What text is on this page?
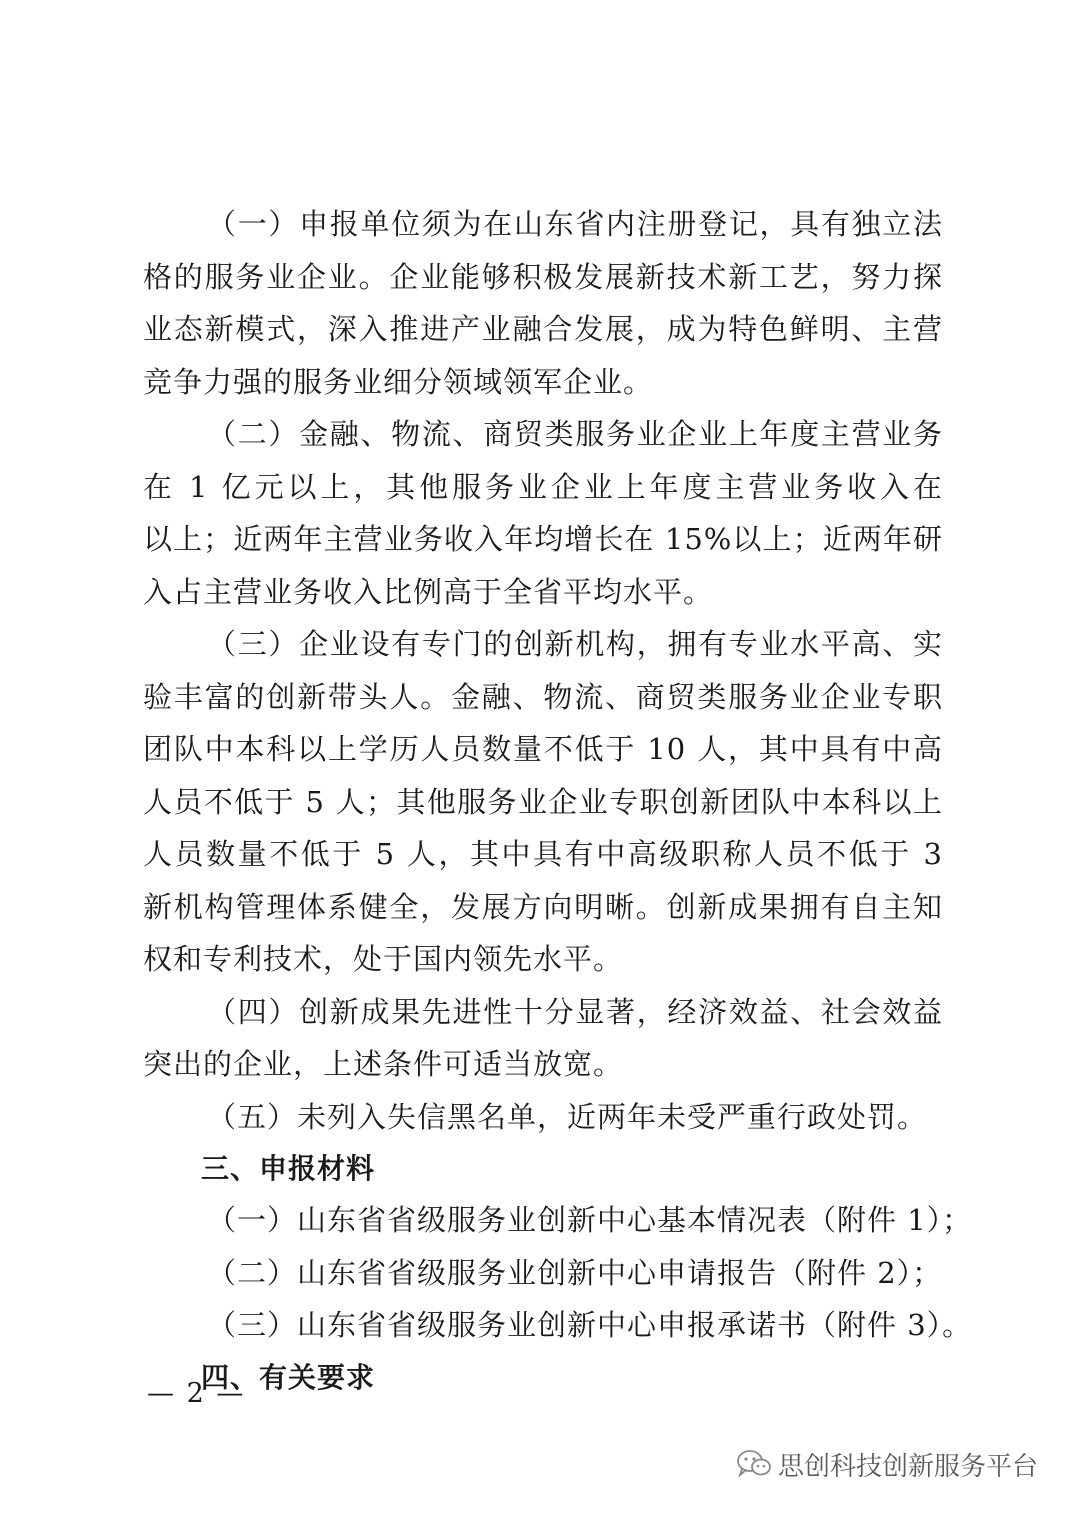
（一）申报单位须为在山东省内注册登记，具有独立法
格的服务业企业。企业能够积极发展新技术新工艺，努力探
业态新模式，深入推进产业融合发展，成为特色鲜明、主营
竞争力强的服务业细分领域领军企业。
（二）金融、物流、商贸类服务业企业上年度主营业务
在 1 亿元以上，其他服务业企业上年度主营业务收入在
以上；近两年主营业务收入年均增长在 15%以上；近两年研
入占主营业务收入比例高于全省平均水平。
（三）企业设有专门的创新机构，拥有专业水平高、实
验丰富的创新带头人。金融、物流、商贸类服务业企业专职
团队中本科以上学历人员数量不低于 10 人，其中具有中高
人员不低于 5 人；其他服务业企业专职创新团队中本科以上
人员数量不低于 5 人，其中具有中高级职称人员不低于 3
新机构管理体系健全，发展方向明晰。创新成果拥有自主知
权和专利技术，处于国内领先水平。
（四）创新成果先进性十分显著，经济效益、社会效益
突出的企业，上述条件可适当放宽。
（五）未列入失信黑名单，近两年未受严重行政处罚。
三、申报材料
（一）山东省省级服务业创新中心基本情况表（附件 1）；
（二）山东省省级服务业创新中心申请报告（附件 2）；
（三）山东省省级服务业创新中心申报承诺书（附件 3）。
四、有关要求
— 2 —
思创科技创新服务平台
